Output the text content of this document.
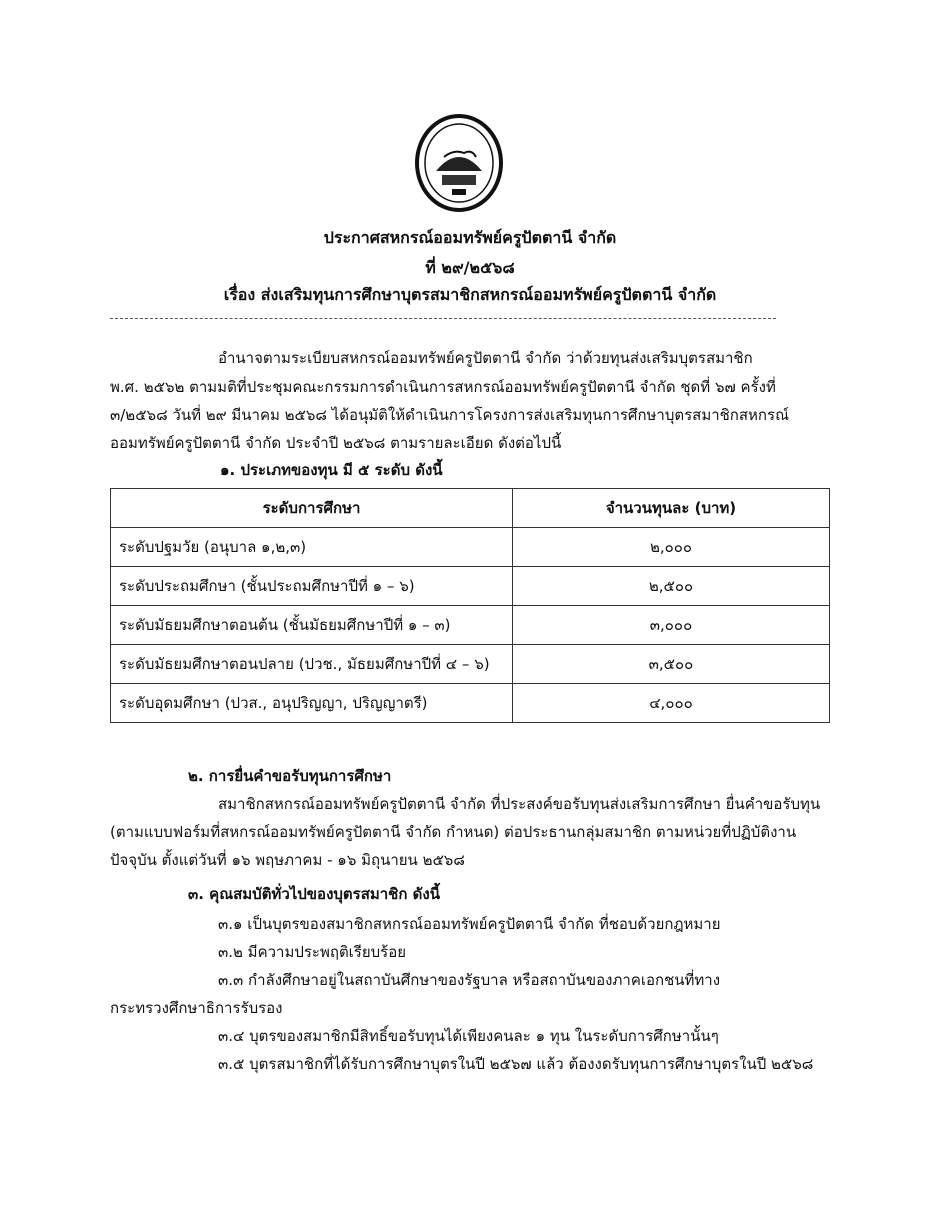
ประกาศสหกรณ์ออมทรัพย์ครูปัตตานี จำกัด
ที่ ๒๙/๒๕๖๘
เรื่อง ส่งเสริมทุนการศึกษาบุตรสมาชิกสหกรณ์ออมทรัพย์ครูปัตตานี จำกัด
อำนาจตามระเบียบสหกรณ์ออมทรัพย์ครูปัตตานี จำกัด ว่าด้วยทุนส่งเสริมบุตรสมาชิก
พ.ศ. ๒๕๖๒ ตามมติที่ประชุมคณะกรรมการดำเนินการสหกรณ์ออมทรัพย์ครูปัตตานี จำกัด ชุดที่ ๖๗ ครั้งที่
๓/๒๕๖๘ วันที่ ๒๙ มีนาคม ๒๕๖๘ ได้อนุมัติให้ดำเนินการโครงการส่งเสริมทุนการศึกษาบุตรสมาชิกสหกรณ์
ออมทรัพย์ครูปัตตานี จำกัด ประจำปี ๒๕๖๘ ตามรายละเอียด ดังต่อไปนี้
๑. ประเภทของทุน มี ๕ ระดับ ดังนี้
ระดับการศึกษา	จำนวนทุนละ (บาท)
ระดับปฐมวัย (อนุบาล ๑,๒,๓)	๒,๐๐๐
ระดับประถมศึกษา (ชั้นประถมศึกษาปีที่ ๑ – ๖)	๒,๕๐๐
ระดับมัธยมศึกษาตอนต้น (ชั้นมัธยมศึกษาปีที่ ๑ – ๓)	๓,๐๐๐
ระดับมัธยมศึกษาตอนปลาย (ปวช., มัธยมศึกษาปีที่ ๔ – ๖)	๓,๕๐๐
ระดับอุดมศึกษา (ปวส., อนุปริญญา, ปริญญาตรี)	๔,๐๐๐
๒. การยื่นคำขอรับทุนการศึกษา
สมาชิกสหกรณ์ออมทรัพย์ครูปัตตานี จำกัด ที่ประสงค์ขอรับทุนส่งเสริมการศึกษา ยื่นคำขอรับทุน
(ตามแบบฟอร์มที่สหกรณ์ออมทรัพย์ครูปัตตานี จำกัด กำหนด) ต่อประธานกลุ่มสมาชิก ตามหน่วยที่ปฏิบัติงาน
ปัจจุบัน ตั้งแต่วันที่ ๑๖ พฤษภาคม - ๑๖ มิถุนายน ๒๕๖๘
๓. คุณสมบัติทั่วไปของบุตรสมาชิก ดังนี้
๓.๑ เป็นบุตรของสมาชิกสหกรณ์ออมทรัพย์ครูปัตตานี จำกัด ที่ชอบด้วยกฎหมาย
๓.๒ มีความประพฤติเรียบร้อย
๓.๓ กำลังศึกษาอยู่ในสถาบันศึกษาของรัฐบาล หรือสถาบันของภาคเอกชนที่ทาง
กระทรวงศึกษาธิการรับรอง
๓.๔ บุตรของสมาชิกมีสิทธิ์ขอรับทุนได้เพียงคนละ ๑ ทุน ในระดับการศึกษานั้นๆ
๓.๕ บุตรสมาชิกที่ได้รับการศึกษาบุตรในปี ๒๕๖๗ แล้ว ต้องงดรับทุนการศึกษาบุตรในปี ๒๕๖๘
